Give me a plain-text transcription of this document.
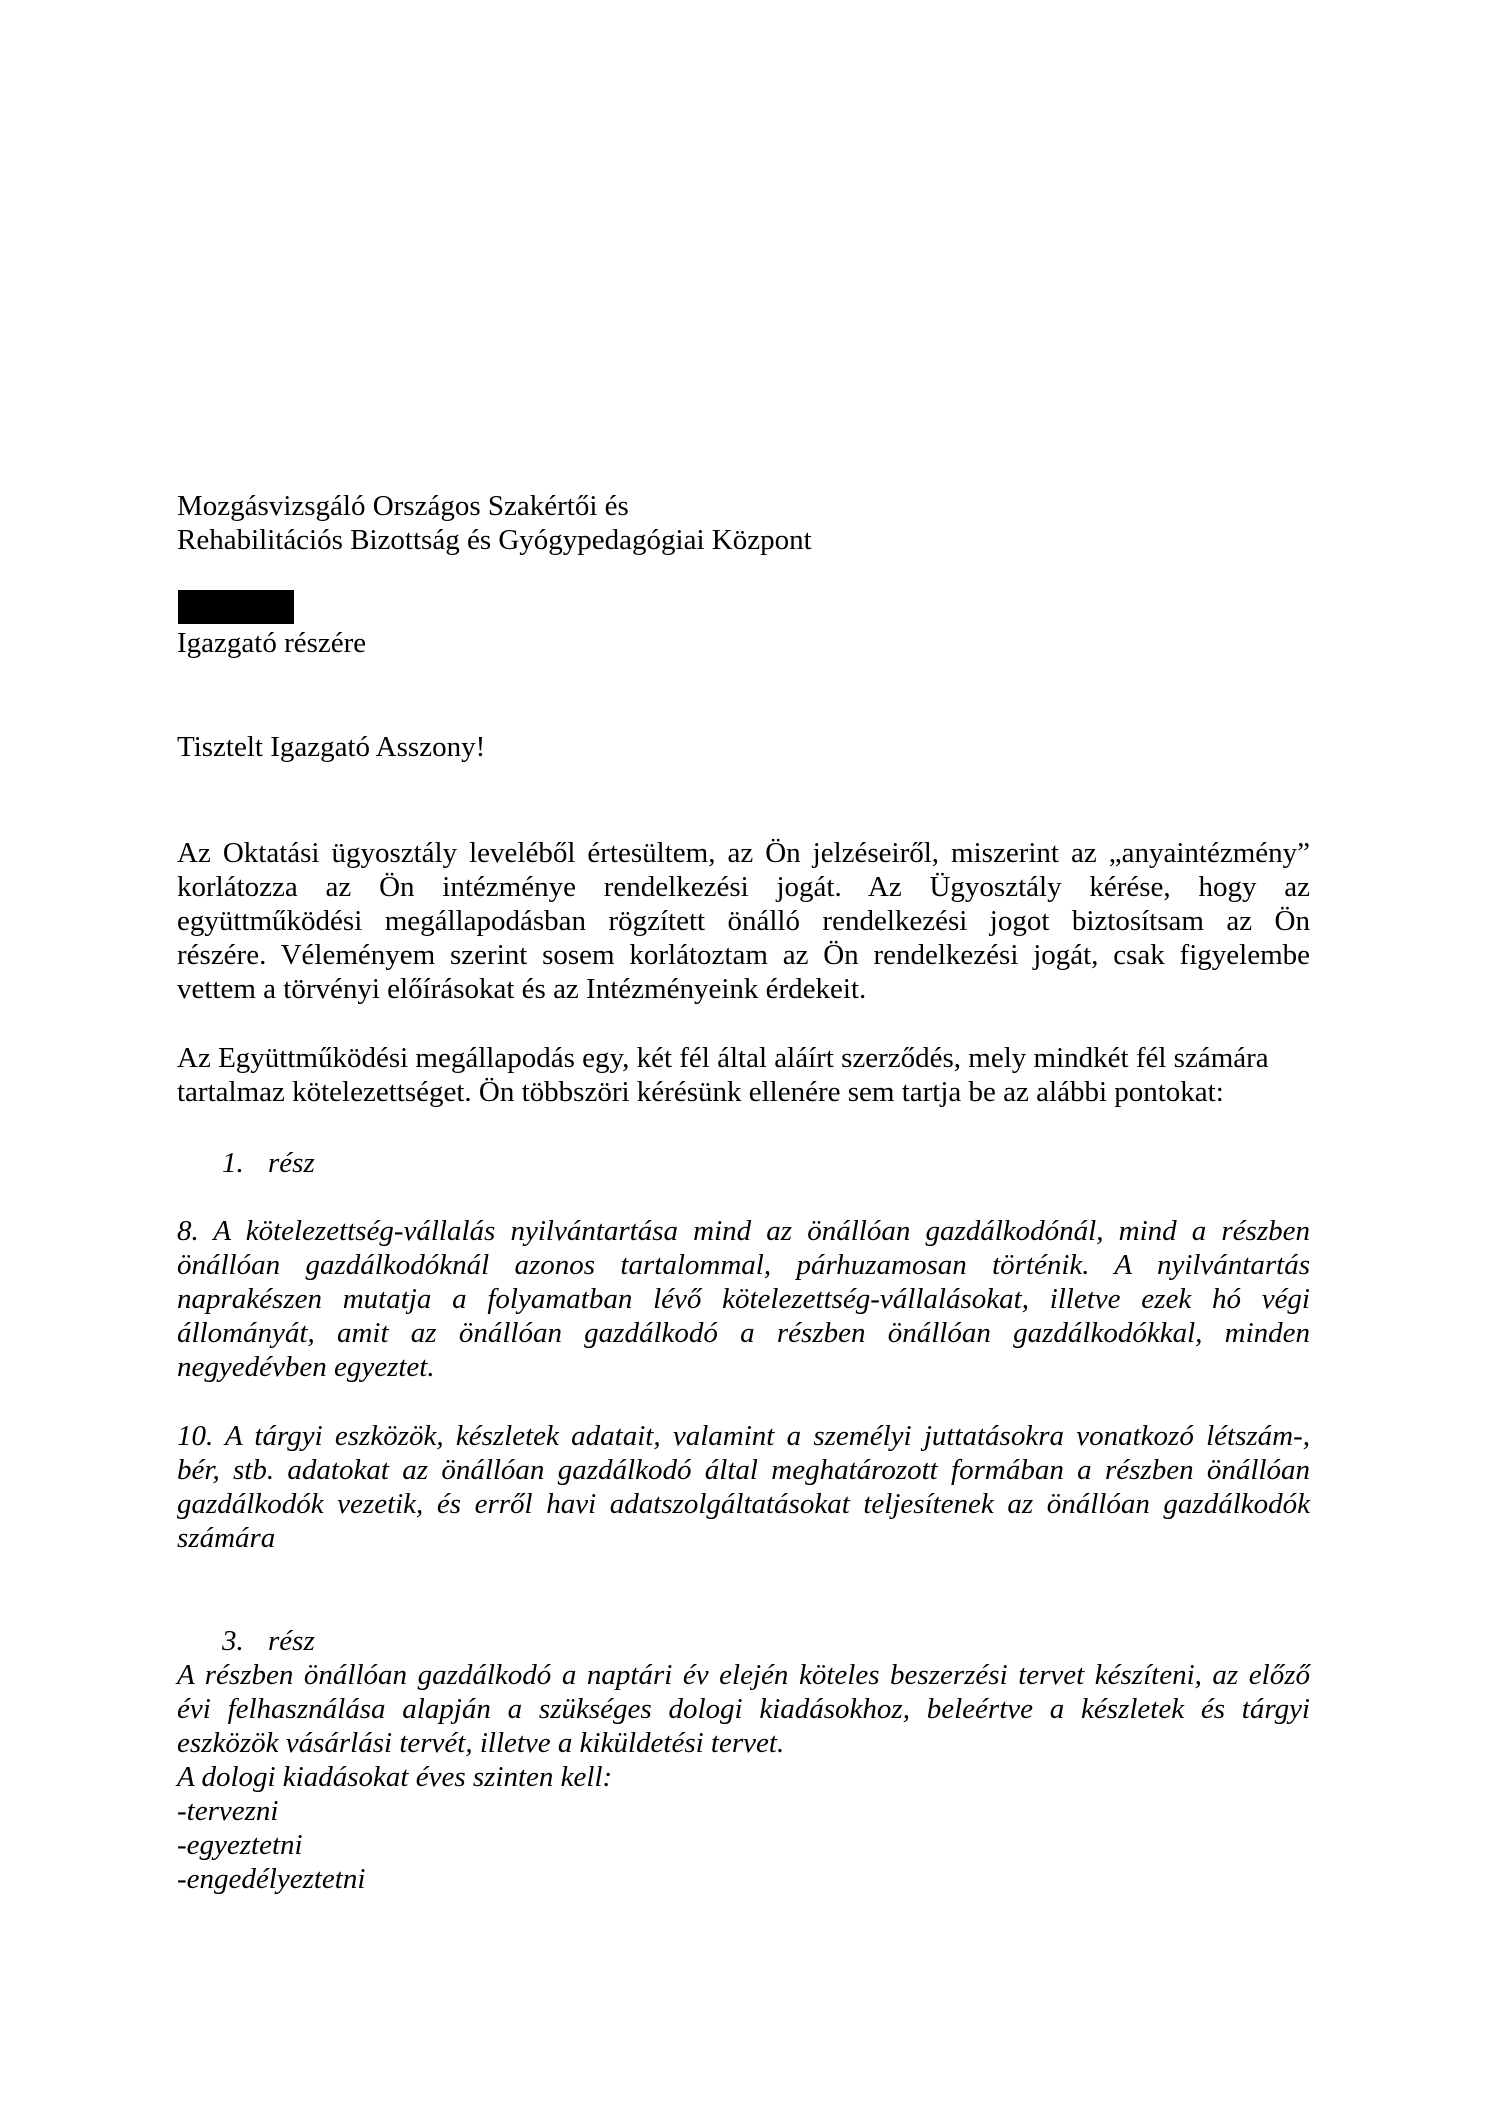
Mozgásvizsgáló Országos Szakértői és
Rehabilitációs Bizottság és Gyógypedagógiai Központ
Igazgató részére
Tisztelt Igazgató Asszony!
Az Oktatási ügyosztály leveléből értesültem, az Ön jelzéseiről, miszerint az „anyaintézmény”
korlátozza az Ön intézménye rendelkezési jogát. Az Ügyosztály kérése, hogy az
együttműködési megállapodásban rögzített önálló rendelkezési jogot biztosítsam az Ön
részére. Véleményem szerint sosem korlátoztam az Ön rendelkezési jogát, csak figyelembe
vettem a törvényi előírásokat és az Intézményeink érdekeit.
Az Együttműködési megállapodás egy, két fél által aláírt szerződés, mely mindkét fél számára
tartalmaz kötelezettséget. Ön többszöri kérésünk ellenére sem tartja be az alábbi pontokat:
1. rész
8. A kötelezettség-vállalás nyilvántartása mind az önállóan gazdálkodónál, mind a részben
önállóan gazdálkodóknál azonos tartalommal, párhuzamosan történik. A nyilvántartás
naprakészen mutatja a folyamatban lévő kötelezettség-vállalásokat, illetve ezek hó végi
állományát, amit az önállóan gazdálkodó a részben önállóan gazdálkodókkal, minden
negyedévben egyeztet.
10. A tárgyi eszközök, készletek adatait, valamint a személyi juttatásokra vonatkozó létszám-,
bér, stb. adatokat az önállóan gazdálkodó által meghatározott formában a részben önállóan
gazdálkodók vezetik, és erről havi adatszolgáltatásokat teljesítenek az önállóan gazdálkodók
számára
3. rész
A részben önállóan gazdálkodó a naptári év elején köteles beszerzési tervet készíteni, az előző
évi felhasználása alapján a szükséges dologi kiadásokhoz, beleértve a készletek és tárgyi
eszközök vásárlási tervét, illetve a kiküldetési tervet.
A dologi kiadásokat éves szinten kell:
-tervezni
-egyeztetni
-engedélyeztetni
